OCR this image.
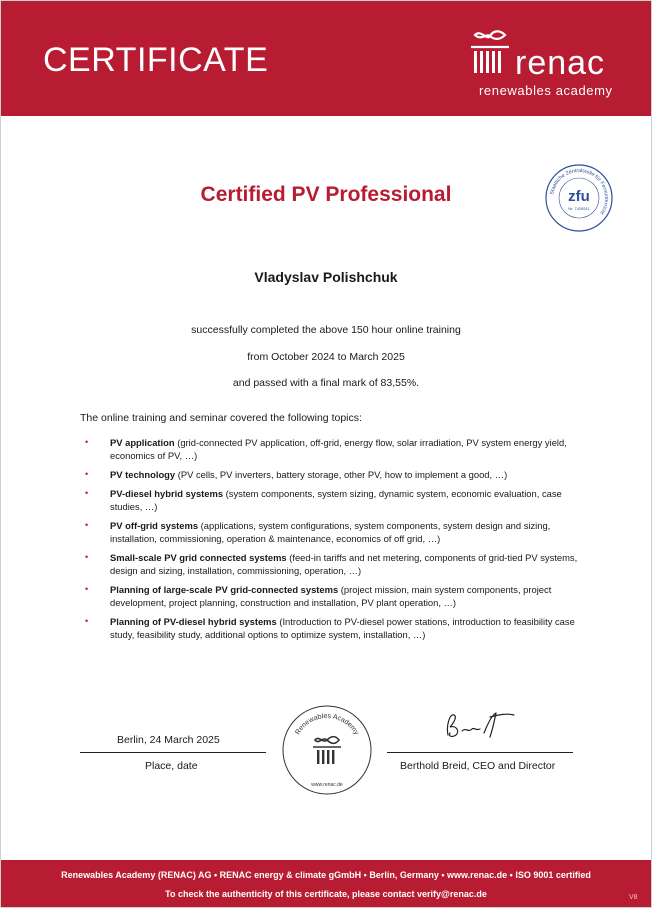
CERTIFICATE	renac
renewables academy
Staatliche Zentralstelle für Fernunterricht
zfu
Nr. 7426511
Certified PV Professional
Vladyslav Polishchuk
successfully completed the above 150 hour online training
from October 2024 to March 2025
and passed with a final mark of 83,55%.
The online training and seminar covered the following topics:
• PV application (grid-connected PV application, off-grid, energy flow, solar irradiation, PV system energy yield, economics of PV, …)
• PV technology (PV cells, PV inverters, battery storage, other PV, how to implement a good, …)
• PV-diesel hybrid systems (system components, system sizing, dynamic system, economic evaluation, case studies, …)
• PV off-grid systems (applications, system configurations, system components, system design and sizing, installation, commissioning, operation & maintenance, economics of off grid, …)
• Small-scale PV grid connected systems (feed-in tariffs and net metering, components of grid-tied PV systems, design and sizing, installation, commissioning, operation, …)
• Planning of large-scale PV grid-connected systems (project mission, main system components, project development, project planning, construction and installation, PV plant operation, …)
• Planning of PV-diesel hybrid systems (Introduction to PV-diesel power stations, introduction to feasibility case study, feasibility study, additional options to optimize system, installation, …)
Berlin, 24 March 2025
Place, date
Renewables Academy
www.renac.de
Berthold Breid, CEO and Director
Renewables Academy (RENAC) AG • RENAC energy & climate gGmbH • Berlin, Germany • www.renac.de • ISO 9001 certified
To check the authenticity of this certificate, please contact verify@renac.de	V8
